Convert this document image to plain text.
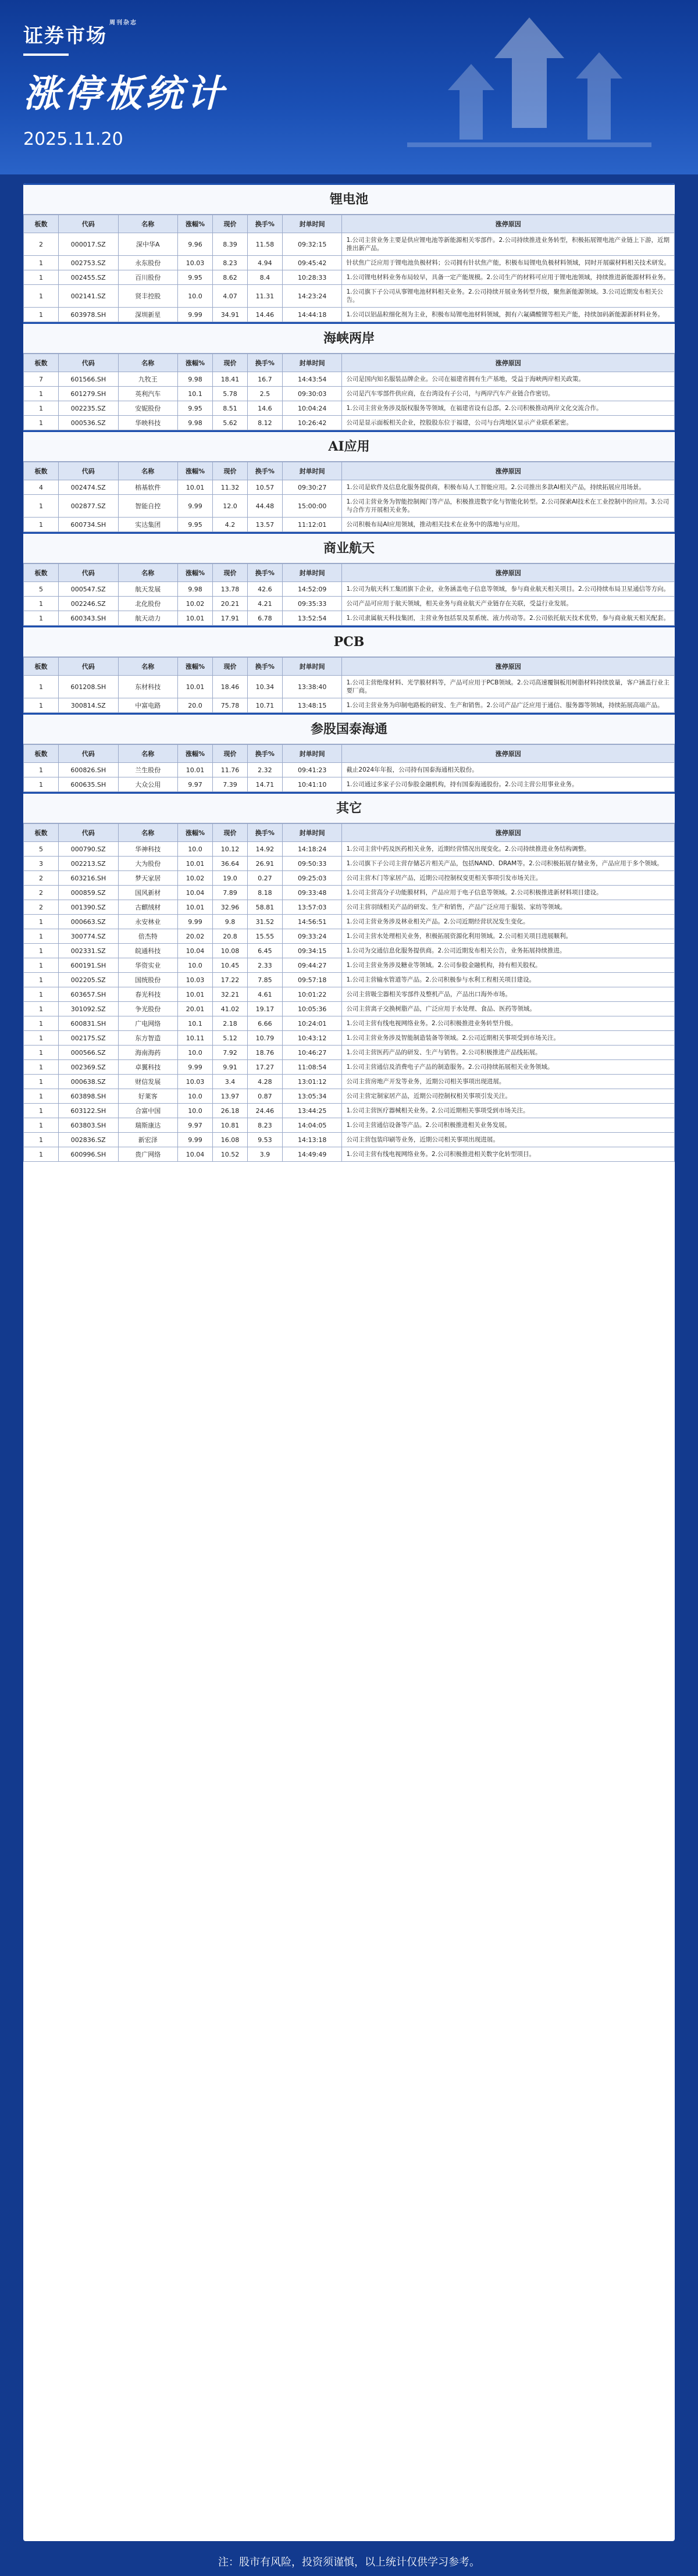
证券市场周刊杂志
涨停板统计
2025.11.20
锂电池
板数	代码	名称	涨幅%	现价	换手%	封单时间	涨停原因
2	000017.SZ	深中华A	9.96	8.39	11.58	09:32:15	1.公司主营业务主要是供应锂电池等新能源相关零部件。2.公司持续推进业务转型，积极拓展锂电池产业链上下游，近期推出新产品。
1	002753.SZ	永东股份	10.03	8.23	4.94	09:45:42	针状焦广泛应用于锂电池负极材料；公司拥有针状焦产能，积极布局锂电负极材料领域，同时开展碳材料相关技术研发。
1	002455.SZ	百川股份	9.95	8.62	8.4	10:28:33	1.公司锂电材料业务布局较早，具备一定产能规模。2.公司生产的材料可应用于锂电池领域，持续推进新能源材料业务。
1	002141.SZ	贤丰控股	10.0	4.07	11.31	14:23:24	1.公司旗下子公司从事锂电池材料相关业务。2.公司持续开展业务转型升级，聚焦新能源领域。3.公司近期发布相关公告。
1	603978.SH	深圳新星	9.99	34.91	14.46	14:44:18	1.公司以铝晶粒细化剂为主业，积极布局锂电池材料领域，拥有六氟磷酸锂等相关产能，持续加码新能源新材料业务。
海峡两岸
板数	代码	名称	涨幅%	现价	换手%	封单时间	涨停原因
7	601566.SH	九牧王	9.98	18.41	16.7	14:43:54	公司是国内知名服装品牌企业。公司在福建省拥有生产基地，受益于海峡两岸相关政策。
1	601279.SH	英利汽车	10.1	5.78	2.5	09:30:03	公司是汽车零部件供应商，在台湾设有子公司，与两岸汽车产业链合作密切。
1	002235.SZ	安妮股份	9.95	8.51	14.6	10:04:24	1.公司主营业务涉及版权服务等领域，在福建省设有总部。2.公司积极推动两岸文化交流合作。
1	000536.SZ	华映科技	9.98	5.62	8.12	10:26:42	公司是显示面板相关企业，控股股东位于福建，公司与台湾地区显示产业联系紧密。
AI应用
板数	代码	名称	涨幅%	现价	换手%	封单时间	涨停原因
4	002474.SZ	榕基软件	10.01	11.32	10.57	09:30:27	1.公司是软件及信息化服务提供商，积极布局人工智能应用。2.公司推出多款AI相关产品，持续拓展应用场景。
1	002877.SZ	智能自控	9.99	12.0	44.48	15:00:00	1.公司主营业务为智能控制阀门等产品，积极推进数字化与智能化转型。2.公司探索AI技术在工业控制中的应用。3.公司与合作方开展相关业务。
1	600734.SH	实达集团	9.95	4.2	13.57	11:12:01	公司积极布局AI应用领域，推动相关技术在业务中的落地与应用。
商业航天
板数	代码	名称	涨幅%	现价	换手%	封单时间	涨停原因
5	000547.SZ	航天发展	9.98	13.78	42.6	14:52:09	1.公司为航天科工集团旗下企业，业务涵盖电子信息等领域，参与商业航天相关项目。2.公司持续布局卫星通信等方向。
1	002246.SZ	北化股份	10.02	20.21	4.21	09:35:33	公司产品可应用于航天领域，相关业务与商业航天产业链存在关联，受益行业发展。
1	600343.SH	航天动力	10.01	17.91	6.78	13:52:54	1.公司隶属航天科技集团，主营业务包括泵及泵系统、液力传动等。2.公司依托航天技术优势，参与商业航天相关配套。
PCB
板数	代码	名称	涨幅%	现价	换手%	封单时间	涨停原因
1	601208.SH	东材科技	10.01	18.46	10.34	13:38:40	1.公司主营绝缘材料、光学膜材料等，产品可应用于PCB领域。2.公司高速覆铜板用树脂材料持续放量，客户涵盖行业主要厂商。
1	300814.SZ	中富电路	20.0	75.78	10.71	13:48:15	1.公司主营业务为印制电路板的研发、生产和销售。2.公司产品广泛应用于通信、服务器等领域，持续拓展高端产品。
参股国泰海通
板数	代码	名称	涨幅%	现价	换手%	封单时间	涨停原因
1	600826.SH	兰生股份	10.01	11.76	2.32	09:41:23	截止2024年年报，公司持有国泰海通相关股份。
1	600635.SH	大众公用	9.97	7.39	14.71	10:41:10	1.公司通过多家子公司参股金融机构，持有国泰海通股份。2.公司主营公用事业业务。
其它
板数	代码	名称	涨幅%	现价	换手%	封单时间	涨停原因
5	000790.SZ	华神科技	10.0	10.12	14.92	14:18:24	1.公司主营中药及医药相关业务，近期经营情况出现变化。2.公司持续推进业务结构调整。
3	002213.SZ	大为股份	10.01	36.64	26.91	09:50:33	1.公司旗下子公司主营存储芯片相关产品，包括NAND、DRAM等。2.公司积极拓展存储业务，产品应用于多个领域。
2	603216.SH	梦天家居	10.02	19.0	0.27	09:25:03	公司主营木门等家居产品，近期公司控制权变更相关事项引发市场关注。
2	000859.SZ	国风新材	10.04	7.89	8.18	09:33:48	1.公司主营高分子功能膜材料，产品应用于电子信息等领域。2.公司积极推进新材料项目建设。
2	001390.SZ	古麒绒材	10.01	32.96	58.81	13:57:03	公司主营羽绒相关产品的研发、生产和销售，产品广泛应用于服装、家纺等领域。
1	000663.SZ	永安林业	9.99	9.8	31.52	14:56:51	1.公司主营业务涉及林业相关产品。2.公司近期经营状况发生变化。
1	300774.SZ	倍杰特	20.02	20.8	15.55	09:33:24	1.公司主营水处理相关业务，积极拓展资源化利用领域。2.公司相关项目进展顺利。
1	002331.SZ	皖通科技	10.04	10.08	6.45	09:34:15	1.公司为交通信息化服务提供商。2.公司近期发布相关公告，业务拓展持续推进。
1	600191.SH	华资实业	10.0	10.45	2.33	09:44:27	1.公司主营业务涉及糖业等领域。2.公司参股金融机构，持有相关股权。
1	002205.SZ	国统股份	10.03	17.22	7.85	09:57:18	1.公司主营输水管道等产品。2.公司积极参与水利工程相关项目建设。
1	603657.SH	春光科技	10.01	32.21	4.61	10:01:22	公司主营吸尘器相关零部件及整机产品，产品出口海外市场。
1	301092.SZ	争光股份	20.01	41.02	19.17	10:05:36	公司主营离子交换树脂产品，广泛应用于水处理、食品、医药等领域。
1	600831.SH	广电网络	10.1	2.18	6.66	10:24:01	1.公司主营有线电视网络业务。2.公司积极推进业务转型升级。
1	002175.SZ	东方智造	10.11	5.12	10.79	10:43:12	1.公司主营业务涉及智能制造装备等领域。2.公司近期相关事项受到市场关注。
1	000566.SZ	海南海药	10.0	7.92	18.76	10:46:27	1.公司主营医药产品的研发、生产与销售。2.公司积极推进产品线拓展。
1	002369.SZ	卓翼科技	9.99	9.91	17.27	11:08:54	1.公司主营通信及消费电子产品的制造服务。2.公司持续拓展相关业务领域。
1	000638.SZ	财信发展	10.03	3.4	4.28	13:01:12	公司主营房地产开发等业务，近期公司相关事项出现进展。
1	603898.SH	好莱客	10.0	13.97	0.87	13:05:34	公司主营定制家居产品，近期公司控制权相关事项引发关注。
1	603122.SH	合富中国	10.0	26.18	24.46	13:44:25	1.公司主营医疗器械相关业务。2.公司近期相关事项受到市场关注。
1	603803.SH	瑞斯康达	9.97	10.81	8.23	14:04:05	1.公司主营通信设备等产品。2.公司积极推进相关业务发展。
1	002836.SZ	新宏泽	9.99	16.08	9.53	14:13:18	公司主营包装印刷等业务，近期公司相关事项出现进展。
1	600996.SH	贵广网络	10.04	10.52	3.9	14:49:49	1.公司主营有线电视网络业务。2.公司积极推进相关数字化转型项目。
注：股市有风险，投资须谨慎，以上统计仅供学习参考。
